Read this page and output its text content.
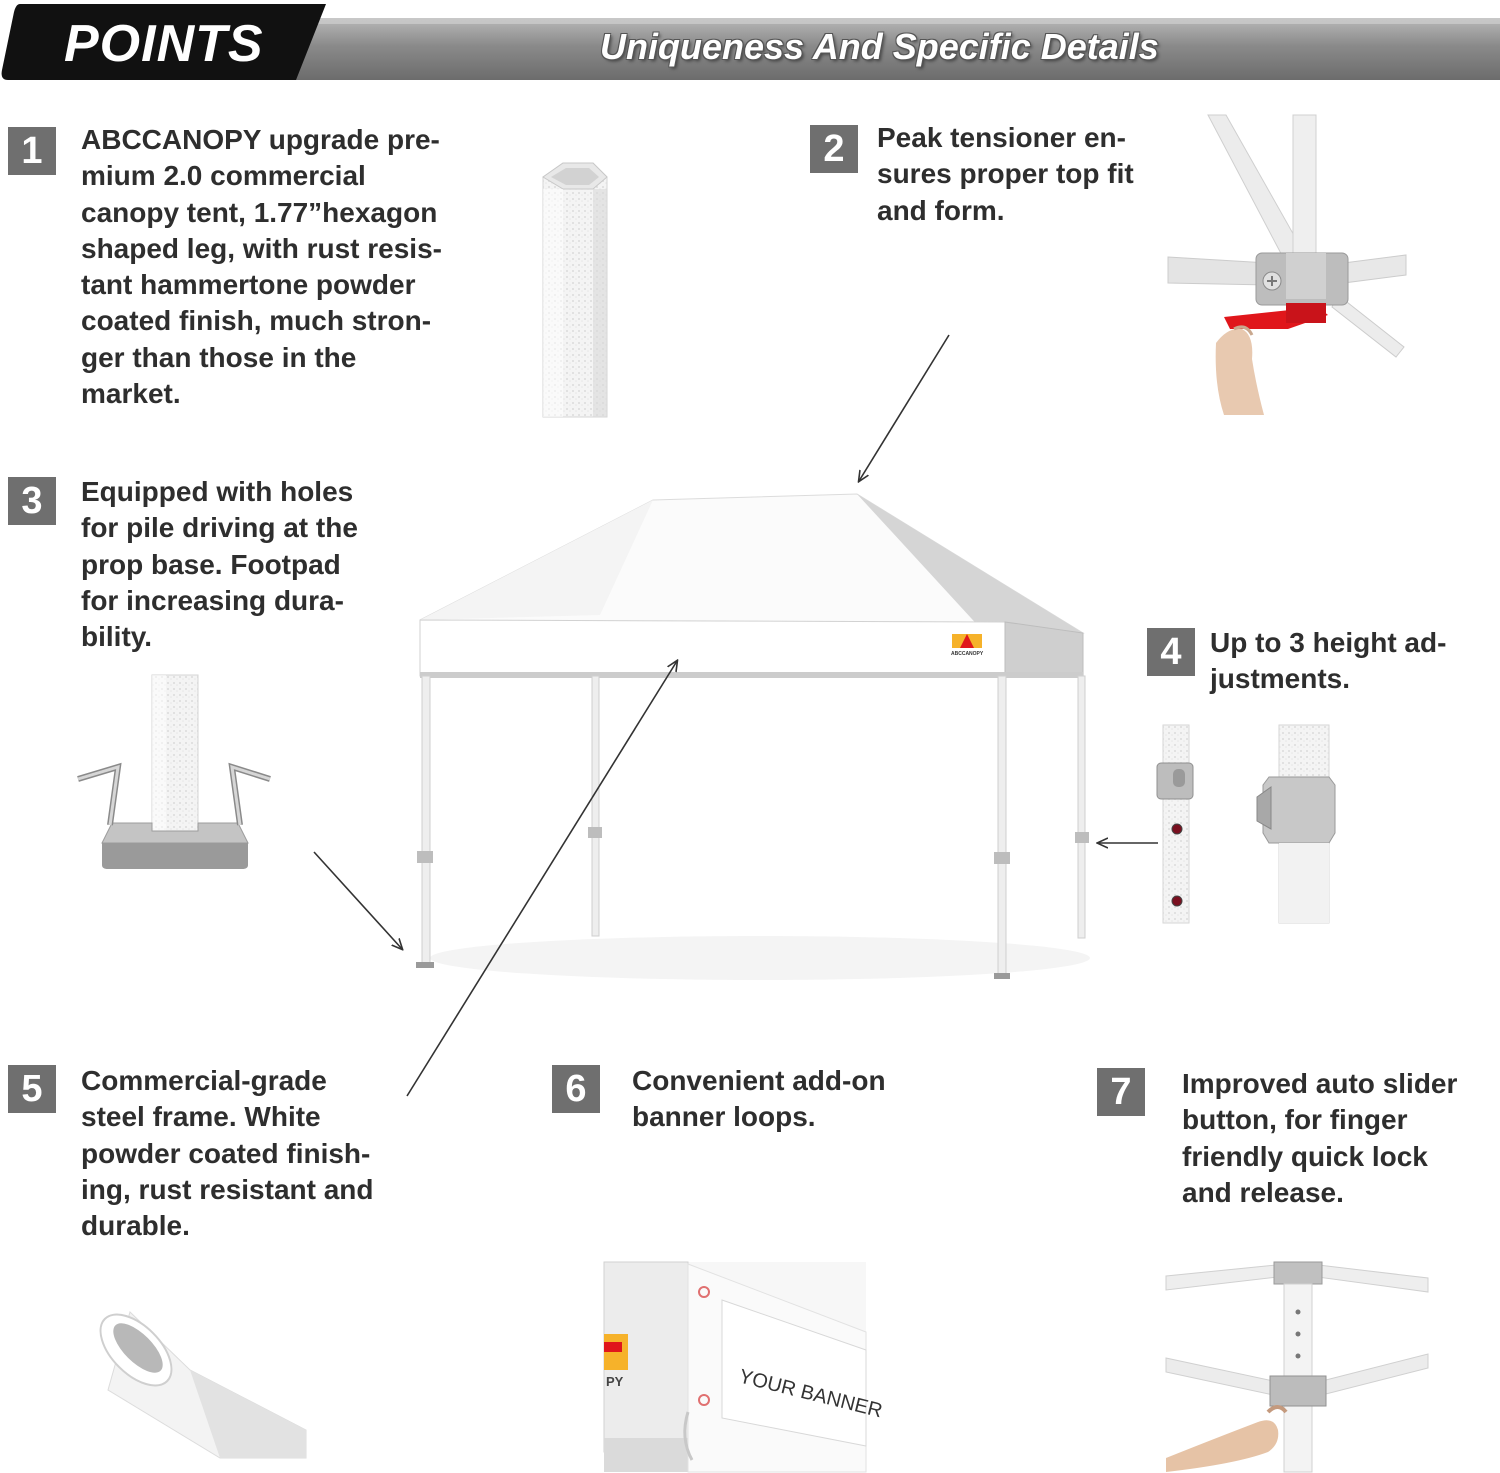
POINTS	Uniqueness And Specific Details
1	ABCCANOPY upgrade pre-
mium 2.0 commercial
canopy tent, 1.77”hexagon
shaped leg, with rust resis-
tant hammertone powder
coated finish, much stron-
ger than those in the
market.
2	Peak tensioner en-
sures proper top fit
and form.
3	Equipped with holes
for pile driving at the
prop base. Footpad
for increasing dura-
bility.	4	Up to 3 height ad-
justments.
5	Commercial-grade
steel frame. White
powder coated finish-
ing, rust resistant and
durable.
6	Convenient add-on
banner loops.
7	Improved auto slider
button, for finger
friendly quick lock
and release.
PY	YOUR BANNER
ABCCANOPY
